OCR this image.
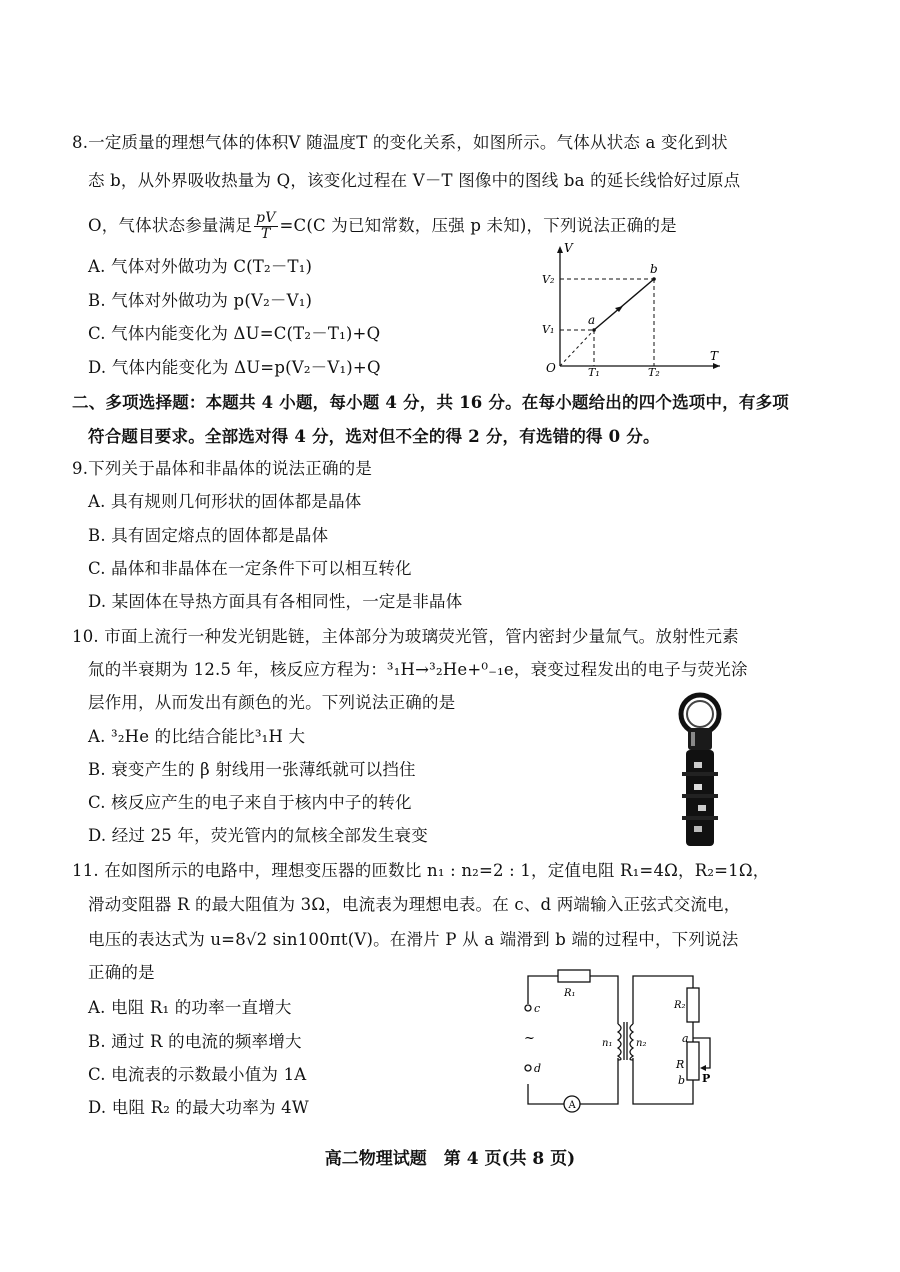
8.一定质量的理想气体的体积V 随温度T 的变化关系，如图所示。气体从状态 a 变化到状
态 b，从外界吸收热量为 Q，该变化过程在 V－T 图像中的图线 ba 的延长线恰好过原点
O，气体状态参量满足 $\frac{pV}{T} =C(C$ 为已知常数，压强 p 未知)，下列说法正确的是
A. 气体对外做功为 C(T₂－T₁)
B. 气体对外做功为 p(V₂－V₁)
C. 气体内能变化为 ΔU=C(T₂－T₁)+Q
D. 气体内能变化为 ΔU=p(V₂－V₁)+Q
V
T
O
V₂
V₁
T₁	T₂
a
b
二、多项选择题：本题共 4 小题，每小题 4 分，共 16 分。在每小题给出的四个选项中，有多项
符合题目要求。全部选对得 4 分，选对但不全的得 2 分，有选错的得 0 分。
9.下列关于晶体和非晶体的说法正确的是
A. 具有规则几何形状的固体都是晶体
B. 具有固定熔点的固体都是晶体
C. 晶体和非晶体在一定条件下可以相互转化
D. 某固体在导热方面具有各相同性，一定是非晶体
10. 市面上流行一种发光钥匙链，主体部分为玻璃荧光管，管内密封少量氚气。放射性元素
氚的半衰期为 12.5 年，核反应方程为：³₁H→³₂He+⁰₋₁e，衰变过程发出的电子与荧光涂
层作用，从而发出有颜色的光。下列说法正确的是
A. ³₂He 的比结合能比³₁H 大
B. 衰变产生的 β 射线用一张薄纸就可以挡住
C. 核反应产生的电子来自于核内中子的转化
D. 经过 25 年，荧光管内的氚核全部发生衰变
11. 在如图所示的电路中，理想变压器的匝数比 n₁ : n₂=2 : 1，定值电阻 R₁=4Ω，R₂=1Ω，
滑动变阻器 R 的最大阻值为 3Ω，电流表为理想电表。在 c、d 两端输入正弦式交流电，
电压的表达式为 u=8√2 sin100πt(V)。在滑片 P 从 a 端滑到 b 端的过程中，下列说法
正确的是
A. 电阻 R₁ 的功率一直增大
B. 通过 R 的电流的频率增大
C. 电流表的示数最小值为 1A
D. 电阻 R₂ 的最大功率为 4W
R₁
R₂
R
c
d
~	n₁ n₂	a
b P
A
高二物理试题　第 4 页(共 8 页)
